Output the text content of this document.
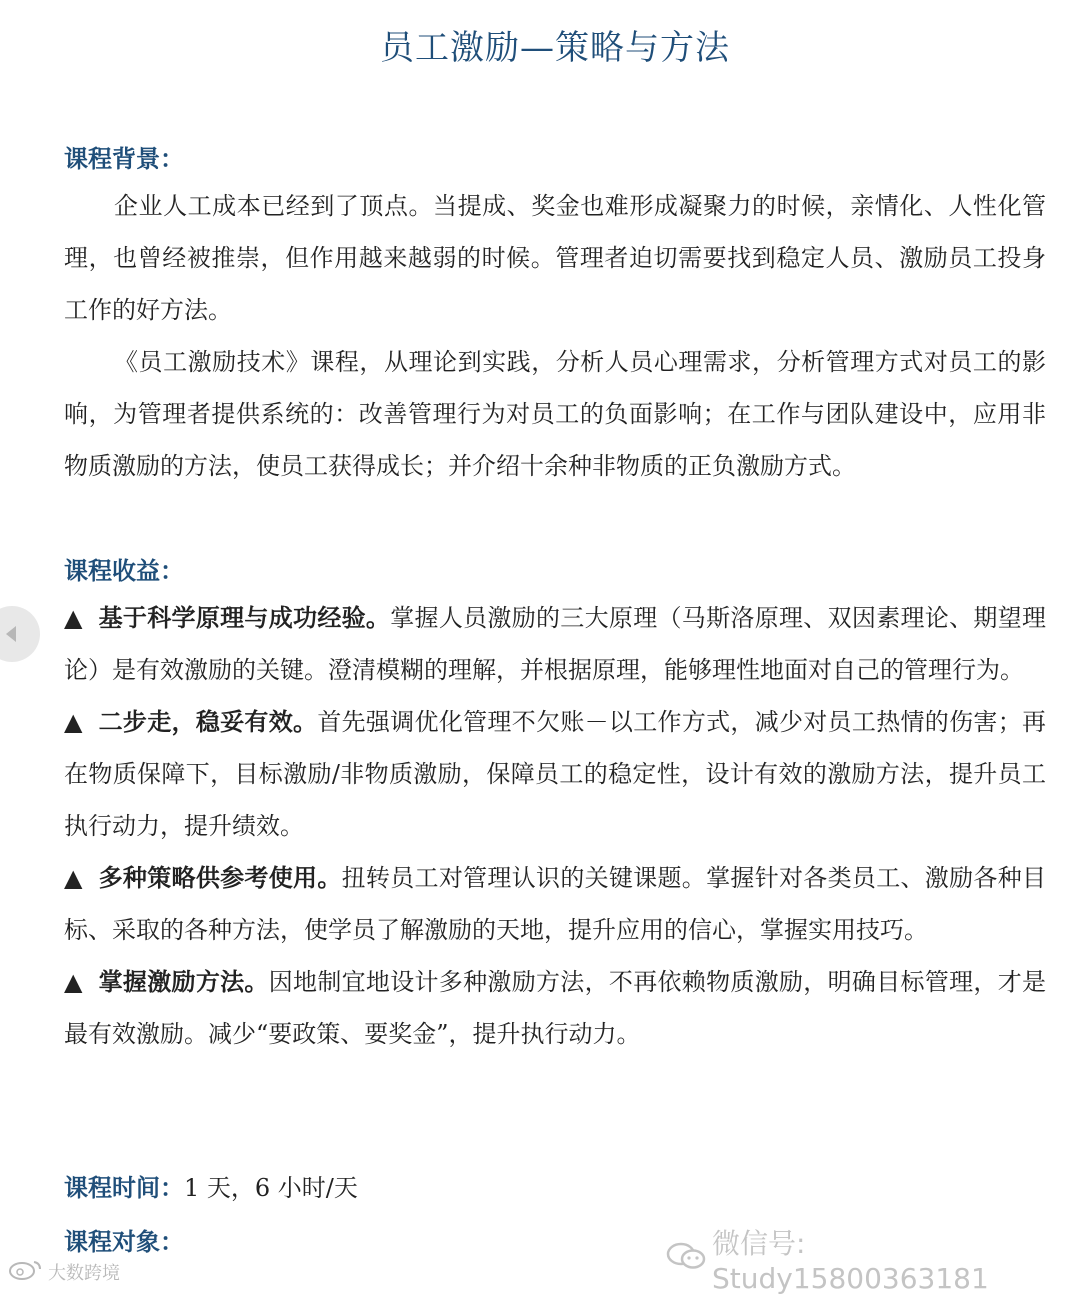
员工激励—策略与方法
课程背景：
企业人工成本已经到了顶点。当提成、奖金也难形成凝聚力的时候，亲情化、人性化管理，也曾经被推崇，但作用越来越弱的时候。管理者迫切需要找到稳定人员、激励员工投身工作的好方法。
《员工激励技术》课程，从理论到实践，分析人员心理需求，分析管理方式对员工的影响，为管理者提供系统的：改善管理行为对员工的负面影响；在工作与团队建设中，应用非物质激励的方法，使员工获得成长；并介绍十余种非物质的正负激励方式。
课程收益：

▲ 基于科学原理与成功经验。掌握人员激励的三大原理（马斯洛原理、双因素理论、期望理论）是有效激励的关键。澄清模糊的理解，并根据原理，能够理性地面对自己的管理行为。

▲ 二步走，稳妥有效。首先强调优化管理不欠账－以工作方式，减少对员工热情的伤害；再在物质保障下，目标激励/非物质激励，保障员工的稳定性，设计有效的激励方法，提升员工执行动力，提升绩效。

▲ 多种策略供参考使用。扭转员工对管理认识的关键课题。掌握针对各类员工、激励各种目标、采取的各种方法，使学员了解激励的天地，提升应用的信心，掌握实用技巧。

▲ 掌握激励方法。因地制宜地设计多种激励方法，不再依赖物质激励，明确目标管理，才是最有效激励。减少“要政策、要奖金”，提升执行动力。

课程时间：1 天，6 小时/天
课程对象：	微信号: Study15800363181
大数跨境
